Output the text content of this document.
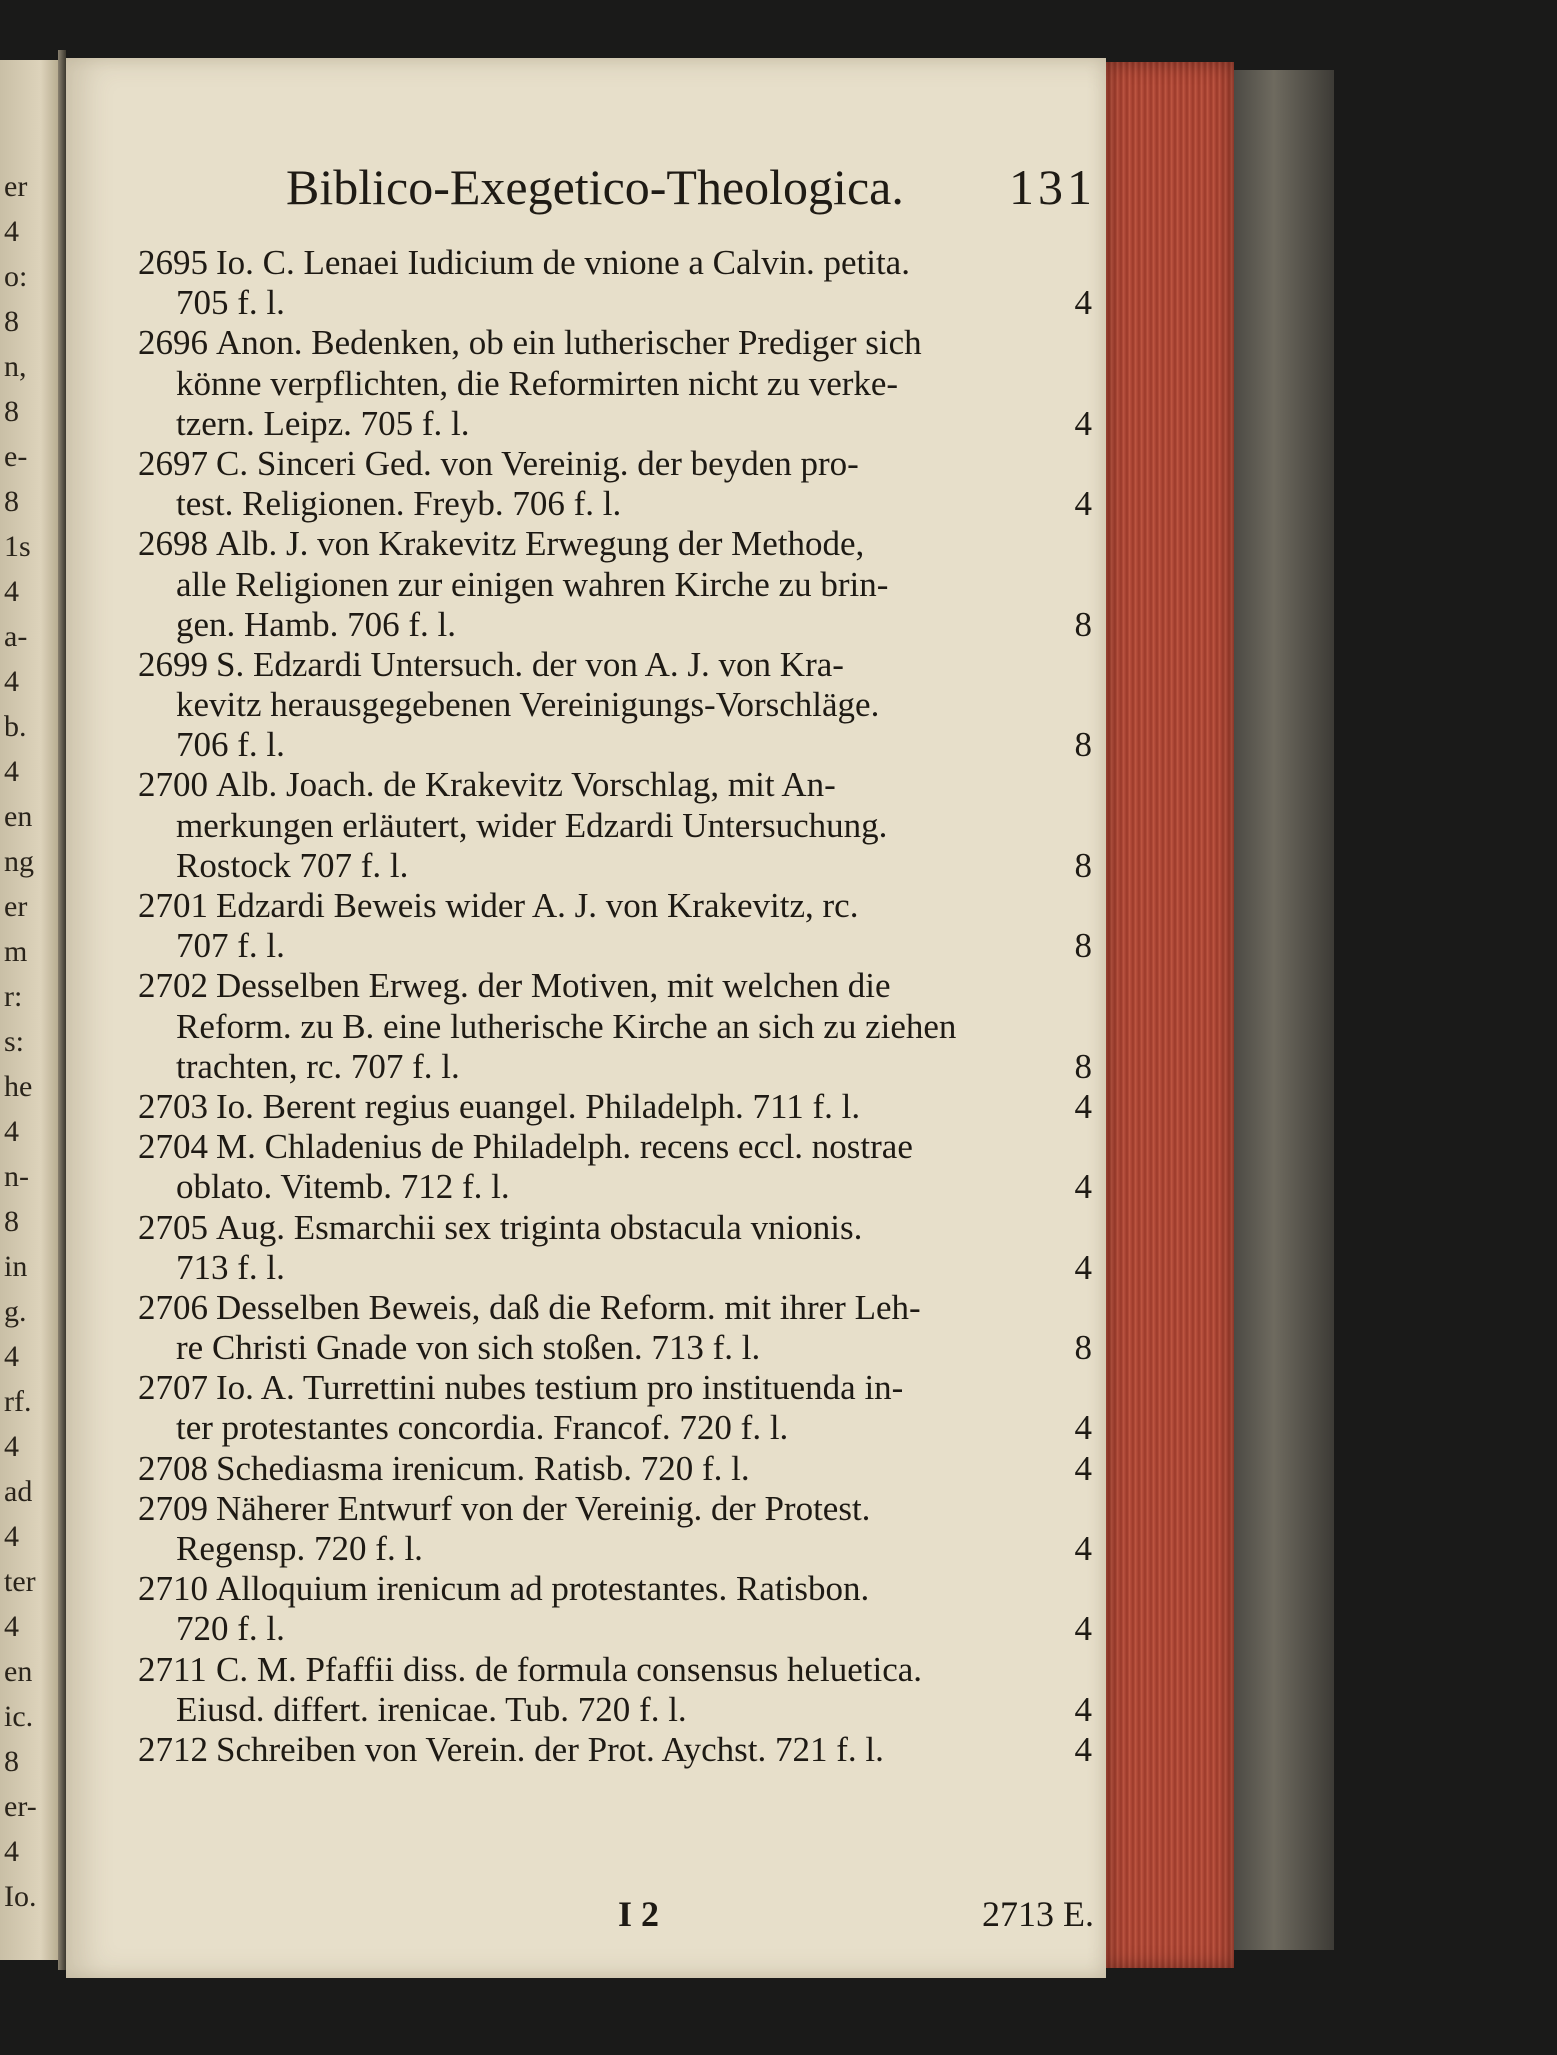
er
4
o:
8
n,
8
e-
8
1s
4
a-
4
b.
4
en
ng
er
m
r:
s:
he
4
n-
8
in
g.
4
rf.
4
ad
4
ter
4
en
ic.
8
er-
4
Io.
Biblico-Exegetico-Theologica. 131
2695 Io. C. Lenaei Iudicium de vnione a Calvin. petita.
705 f. l.	4
2696 Anon. Bedenken, ob ein lutherischer Prediger sich
könne verpflichten, die Reformirten nicht zu verke-
tzern. Leipz. 705 f. l.	4
2697 C. Sinceri Ged. von Vereinig. der beyden pro-
test. Religionen. Freyb. 706 f. l.	4
2698 Alb. J. von Krakevitz Erwegung der Methode,
alle Religionen zur einigen wahren Kirche zu brin-
gen. Hamb. 706 f. l.	8
2699 S. Edzardi Untersuch. der von A. J. von Kra-
kevitz herausgegebenen Vereinigungs-Vorschläge.
706 f. l.	8
2700 Alb. Joach. de Krakevitz Vorschlag, mit An-
merkungen erläutert, wider Edzardi Untersuchung.
Rostock 707 f. l.	8
2701 Edzardi Beweis wider A. J. von Krakevitz, rc.
707 f. l.	8
2702 Desselben Erweg. der Motiven, mit welchen die
Reform. zu B. eine lutherische Kirche an sich zu ziehen
trachten, rc. 707 f. l.	8
2703 Io. Berent regius euangel. Philadelph. 711 f. l.	4
2704 M. Chladenius de Philadelph. recens eccl. nostrae
oblato. Vitemb. 712 f. l.	4
2705 Aug. Esmarchii sex triginta obstacula vnionis.
713 f. l.	4
2706 Desselben Beweis, daß die Reform. mit ihrer Leh-
re Christi Gnade von sich stoßen. 713 f. l.	8
2707 Io. A. Turrettini nubes testium pro instituenda in-
ter protestantes concordia. Francof. 720 f. l.	4
2708 Schediasma irenicum. Ratisb. 720 f. l.	4
2709 Näherer Entwurf von der Vereinig. der Protest.
Regensp. 720 f. l.	4
2710 Alloquium irenicum ad protestantes. Ratisbon.
720 f. l.	4
2711 C. M. Pfaffii diss. de formula consensus heluetica.
Eiusd. differt. irenicae. Tub. 720 f. l.	4
2712 Schreiben von Verein. der Prot. Aychst. 721 f. l.	4
I 2	2713 E.
